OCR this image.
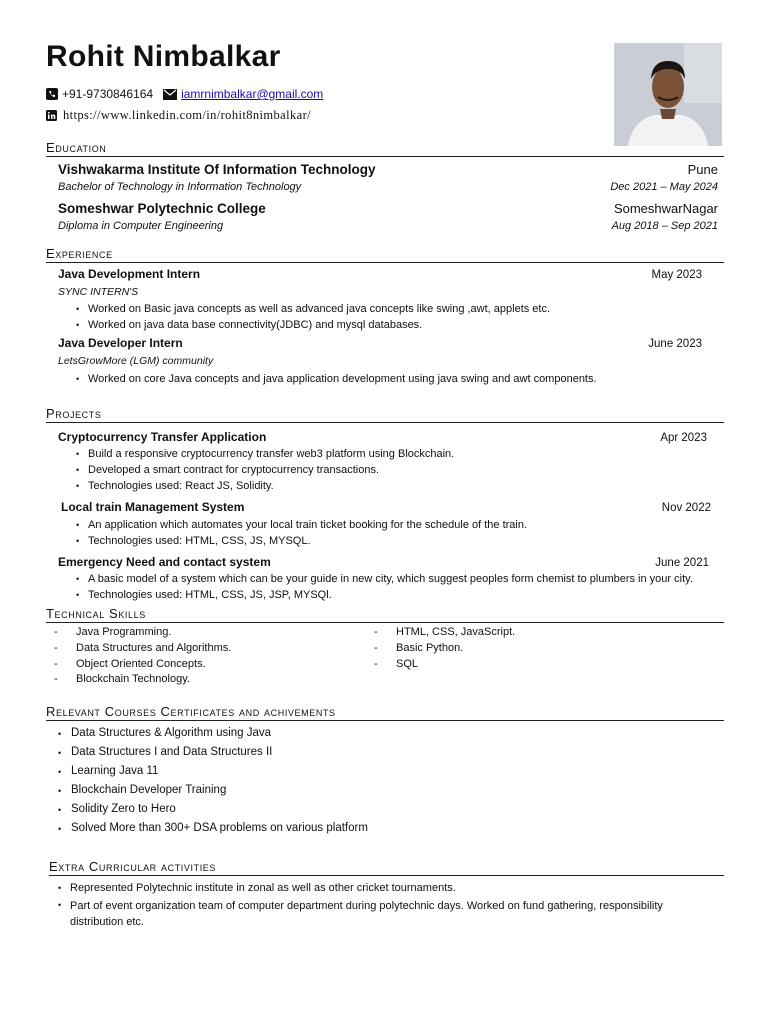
Rohit Nimbalkar
+91-9730846164 iamrnimbalkar@gmail.com
https://www.linkedin.com/in/rohit8nimbalkar/
Education
Vishwakarma Institute Of Information Technology	Pune
Bachelor of Technology in Information Technology	Dec 2021 – May 2024
Someshwar Polytechnic College	SomeshwarNagar
Diploma in Computer Engineering	Aug 2018 – Sep 2021
Experience
Java Development Intern	May 2023
SYNC INTERN'S
• Worked on Basic java concepts as well as advanced java concepts like swing ,awt, applets etc.
• Worked on java data base connectivity(JDBC) and mysql databases.
Java Developer Intern	June 2023
LetsGrowMore (LGM) community
• Worked on core Java concepts and java application development using java swing and awt components.
Projects
Cryptocurrency Transfer Application	Apr 2023
• Build a responsive cryptocurrency transfer web3 platform using Blockchain.
• Developed a smart contract for cryptocurrency transactions.
• Technologies used: React JS, Solidity.
Local train Management System	Nov 2022
• An application which automates your local train ticket booking for the schedule of the train.
• Technologies used: HTML, CSS, JS, MYSQL.
Emergency Need and contact system	June 2021
• A basic model of a system which can be your guide in new city, which suggest peoples form chemist to plumbers in your city.
• Technologies used: HTML, CSS, JS, JSP, MYSQl.
Technical Skills
-	Java Programming.
-	Data Structures and Algorithms.
-	Object Oriented Concepts.
-	Blockchain Technology.
-	HTML, CSS, JavaScript.
-	Basic Python.
-	SQL
Relevant Courses Certificates and achivements
• Data Structures & Algorithm using Java
• Data Structures I and Data Structures II
• Learning Java 11
• Blockchain Developer Training
• Solidity Zero to Hero
• Solved More than 300+ DSA problems on various platform
Extra Curricular activities
• Represented Polytechnic institute in zonal as well as other cricket tournaments.
• Part of event organization team of computer department during polytechnic days. Worked on fund gathering, responsibility distribution etc.
